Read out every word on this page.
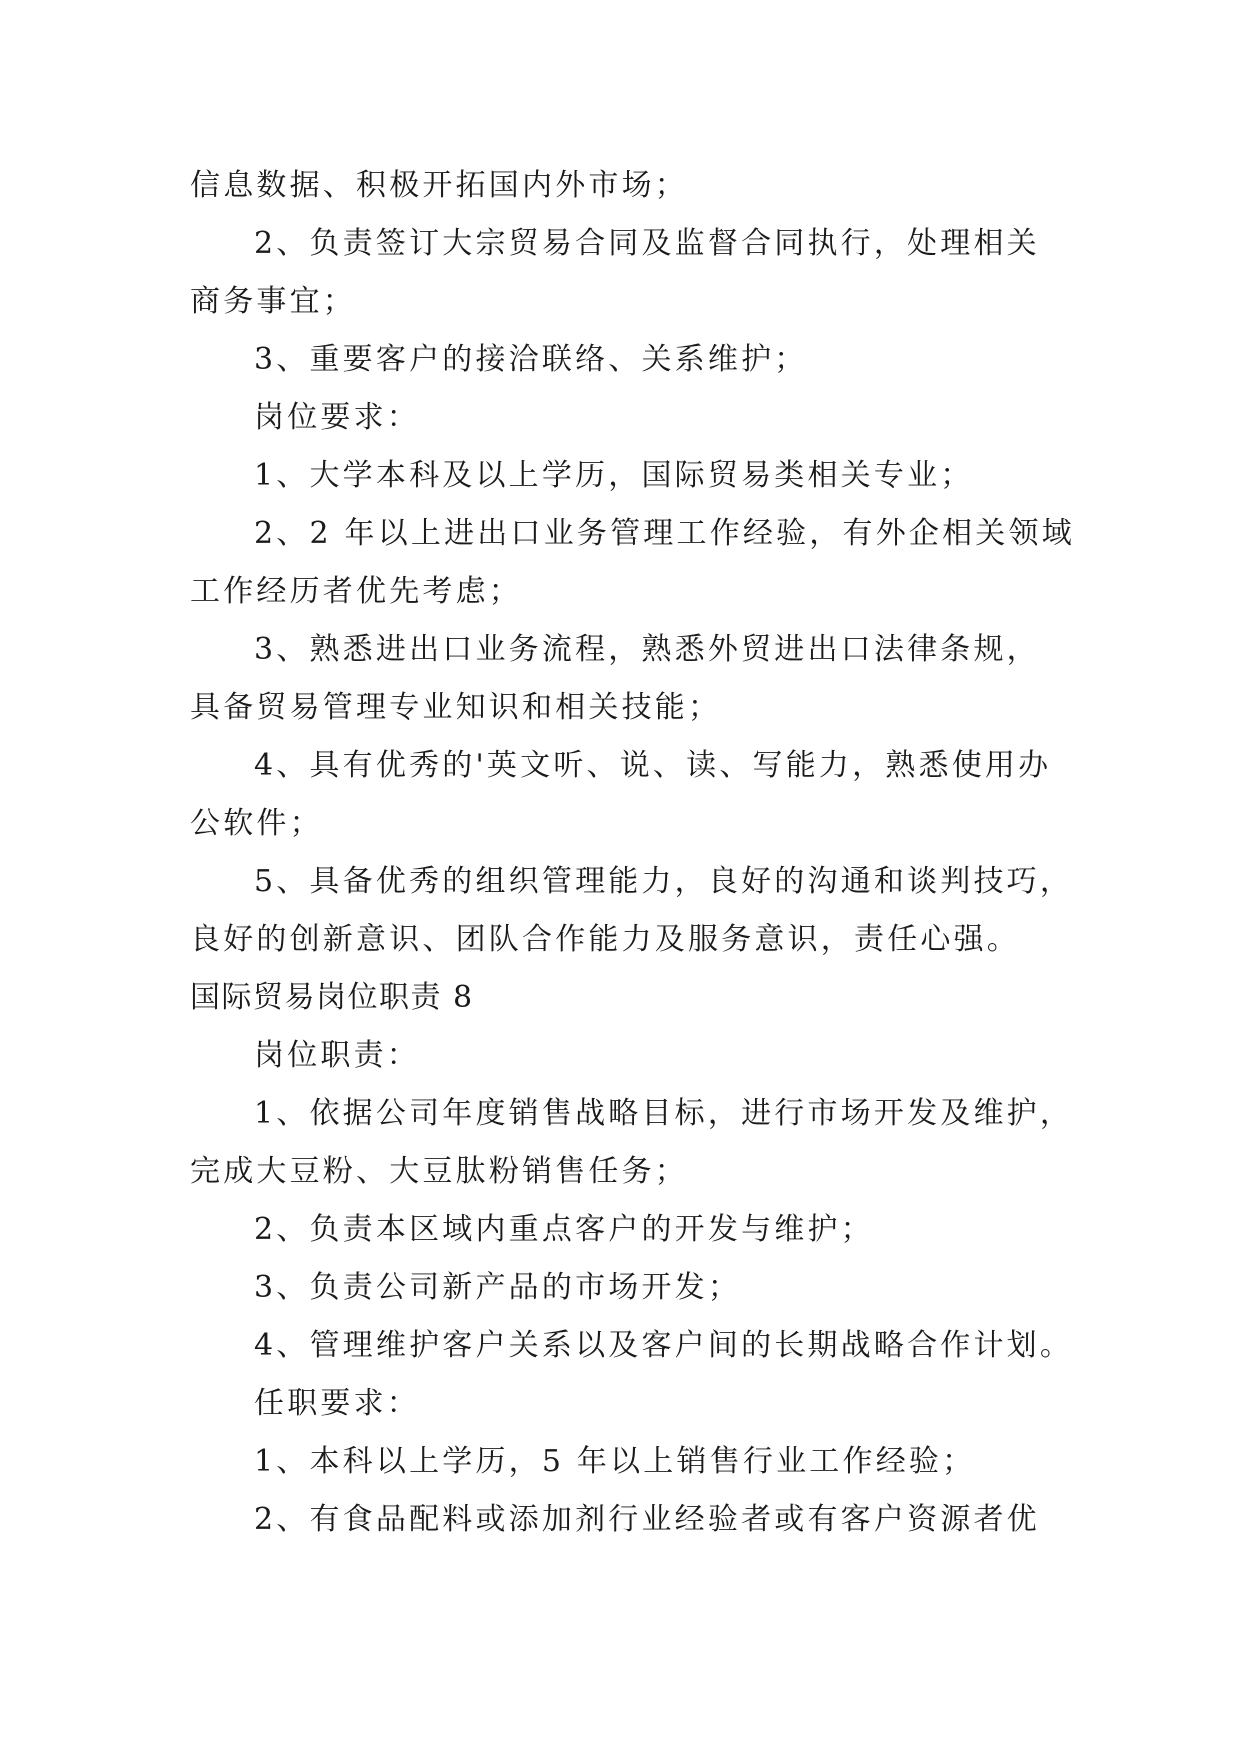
信息数据、积极开拓国内外市场；

2、负责签订大宗贸易合同及监督合同执行，处理相关

商务事宜；

3、重要客户的接洽联络、关系维护；

岗位要求：

1、大学本科及以上学历，国际贸易类相关专业；

2、2 年以上进出口业务管理工作经验，有外企相关领域

工作经历者优先考虑；

3、熟悉进出口业务流程，熟悉外贸进出口法律条规，

具备贸易管理专业知识和相关技能；

4、具有优秀的'英文听、说、读、写能力，熟悉使用办

公软件；

5、具备优秀的组织管理能力，良好的沟通和谈判技巧，

良好的创新意识、团队合作能力及服务意识，责任心强。

国际贸易岗位职责 8

岗位职责：

1、依据公司年度销售战略目标，进行市场开发及维护，

完成大豆粉、大豆肽粉销售任务；

2、负责本区域内重点客户的开发与维护；

3、负责公司新产品的市场开发；

4、管理维护客户关系以及客户间的长期战略合作计划。

任职要求：

1、本科以上学历，5 年以上销售行业工作经验；

2、有食品配料或添加剂行业经验者或有客户资源者优
